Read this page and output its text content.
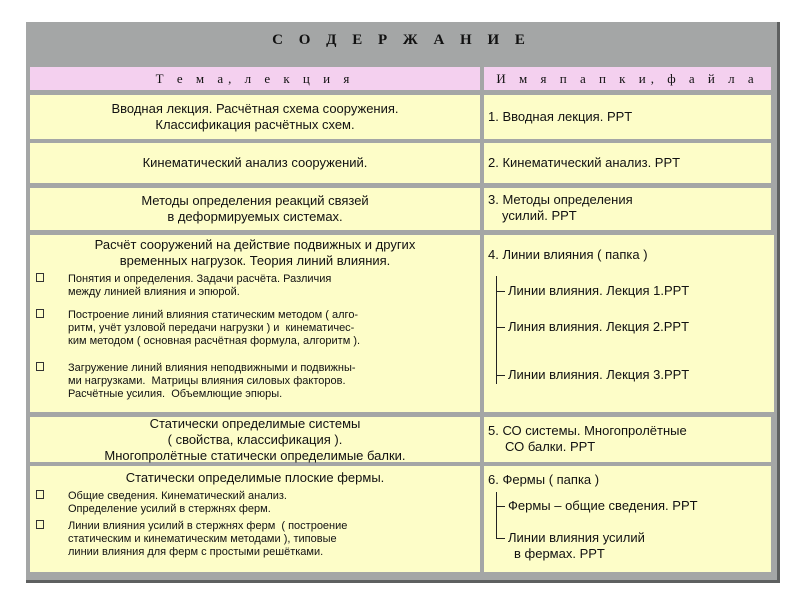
С О Д Е Р Ж А Н И Е
Т е м а, л е к ц и я	И м я п а п к и, ф а й л а
Вводная лекция. Расчётная схема сооружения.
Классификация расчётных схем.
1. Вводная лекция. PPT
Кинематический анализ сооружений.	2. Кинематический анализ. PPT
Методы определения реакций связей
в деформируемых системах.
3. Методы определения
усилий. PPT
Расчёт сооружений на действие подвижных и других
временных нагрузок. Теория линий влияния.
Понятия и определения. Задачи расчёта. Различия
между линией влияния и эпюрой.
Построение линий влияния статическим методом ( алго-
ритм, учёт узловой передачи нагрузки ) и  кинематичес-
ким методом ( основная расчётная формула, алгоритм ).
Загружение линий влияния неподвижными и подвижны-
ми нагрузками.  Матрицы влияния силовых факторов.
Расчётные усилия.  Объемлющие эпюры.
4. Линии влияния ( папка )
Линии влияния. Лекция 1.PPT
Линия влияния. Лекция 2.PPT
Линии влияния. Лекция 3.PPT
Статически определимые системы
( свойства, классификация ).
Многопролётные статически определимые балки.
5. СО системы. Многопролётные
СО балки. PPT
Статически определимые плоские фермы.
Общие сведения. Кинематический анализ.
Определение усилий в стержнях ферм.
Линии влияния усилий в стержнях ферм  ( построение
статическим и кинематическим методами ), типовые
линии влияния для ферм с простыми решётками.
6. Фермы ( папка )
Фермы – общие сведения. PPT
Линии влияния усилий
в фермах. PPT
